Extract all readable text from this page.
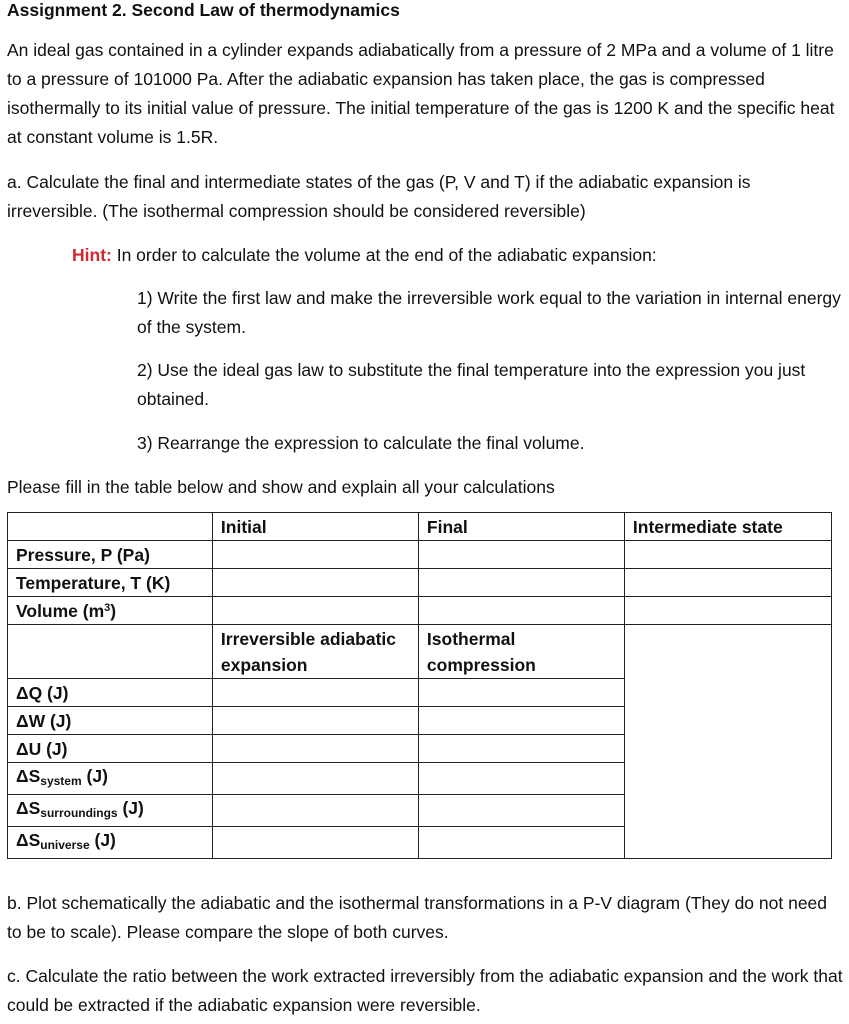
Assignment 2. Second Law of thermodynamics

An ideal gas contained in a cylinder expands adiabatically from a pressure of 2 MPa and a volume of 1 litre to a pressure of 101000 Pa. After the adiabatic expansion has taken place, the gas is compressed isothermally to its initial value of pressure. The initial temperature of the gas is 1200 K and the specific heat at constant volume is 1.5R.

a. Calculate the final and intermediate states of the gas (P, V and T) if the adiabatic expansion is irreversible. (The isothermal compression should be considered reversible)

Hint: In order to calculate the volume at the end of the adiabatic expansion:
1) Write the first law and make the irreversible work equal to the variation in internal energy of the system.
2) Use the ideal gas law to substitute the final temperature into the expression you just obtained.
3) Rearrange the expression to calculate the final volume.

Please fill in the table below and show and explain all your calculations

	Initial	Final	Intermediate state
Pressure, P (Pa)			
Temperature, T (K)			
Volume $(m^3)$			
	Irreversible adiabatic expansion	Isothermal compression	
ΔQ (J)			
ΔW (J)			
ΔU (J)			
$\Delta S_{system}$ (J)			
$\Delta S_{surroundings}$ (J)			
$\Delta S_{universe}$ (J)			

b. Plot schematically the adiabatic and the isothermal transformations in a P-V diagram (They do not need to be to scale). Please compare the slope of both curves.

c. Calculate the ratio between the work extracted irreversibly from the adiabatic expansion and the work that could be extracted if the adiabatic expansion were reversible.
